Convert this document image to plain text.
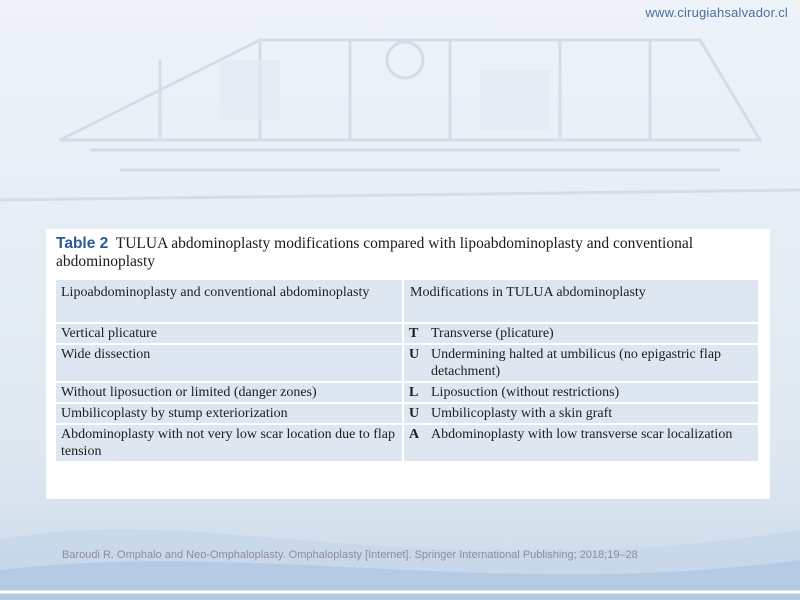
www.cirugiahsalvador.cl
Table 2 TULUA abdominoplasty modifications compared with lipoabdominoplasty and conventional abdominoplasty
Lipoabdominoplasty and conventional abdominoplasty	Modifications in TULUA abdominoplasty	
Vertical plicature	T	Transverse (plicature)
Wide dissection	U	Undermining halted at umbilicus (no epigastric flap detachment)
Without liposuction or limited (danger zones)	L	Liposuction (without restrictions)
Umbilicoplasty by stump exteriorization	U	Umbilicoplasty with a skin graft
Abdominoplasty with not very low scar location due to flap tension	A	Abdominoplasty with low transverse scar localization
Baroudi R. Omphalo and Neo-Omphaloplasty. Omphaloplasty [Internet]. Springer International Publishing; 2018;19–28
